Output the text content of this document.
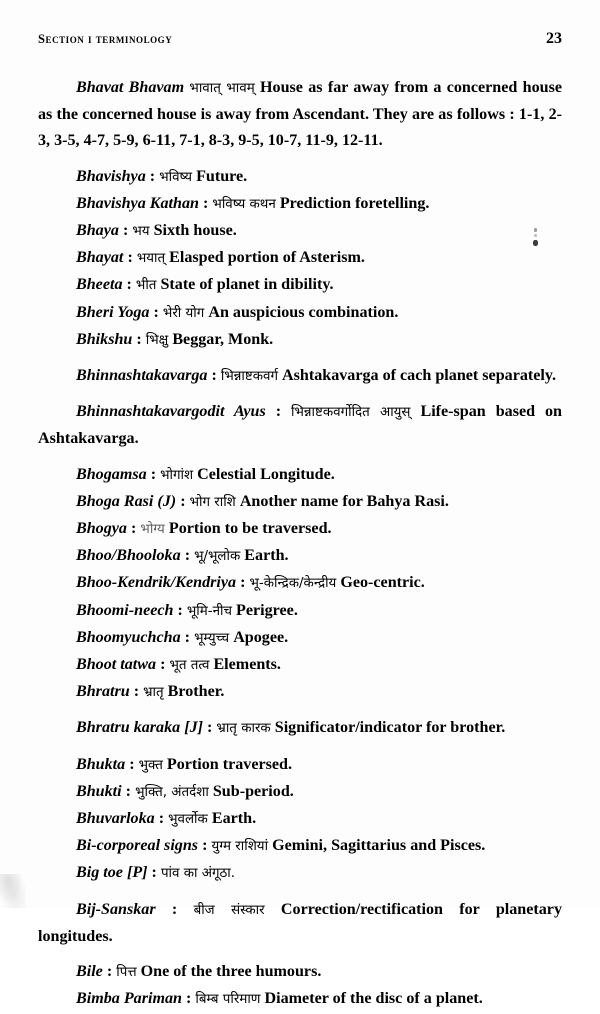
Section i terminology	23

Bhavat Bhavam भावात् भावम् House as far away from a concerned house as the concerned house is away from Ascendant. They are as follows : 1-1, 2-3, 3-5, 4-7, 5-9, 6-11, 7-1, 8-3, 9-5, 10-7, 11-9, 12-11.

Bhavishya : भविष्य Future.

Bhavishya Kathan : भविष्य कथन Prediction foretelling.

Bhaya : भय Sixth house.

Bhayat : भयात् Elasped portion of Asterism.

Bheeta : भीत State of planet in dibility.

Bheri Yoga : भेरी योग An auspicious combination.

Bhikshu : भिक्षु Beggar, Monk.

Bhinnashtakavarga : भिन्नाष्टकवर्ग Ashtakavarga of cach planet separately.

Bhinnashtakavargodit Ayus : भिन्नाष्टकवर्गोदित आयुस् Life-span based on Ashtakavarga.

Bhogamsa : भोगांश Celestial Longitude.

Bhoga Rasi (J) : भोग राशि Another name for Bahya Rasi.

Bhogya : भोग्य Portion to be traversed.

Bhoo/Bhooloka : भू/भूलोक Earth.

Bhoo-Kendrik/Kendriya : भू-केन्द्रिक/केन्द्रीय Geo-centric.

Bhoomi-neech : भूमि-नीच Perigree.

Bhoomyuchcha : भूम्युच्च Apogee.

Bhoot tatwa : भूत तत्व Elements.

Bhratru : भ्रातृ Brother.

Bhratru karaka [J] : भ्रातृ कारक Significator/indicator for brother.

Bhukta : भुक्त Portion traversed.

Bhukti : भुक्ति, अंतर्दशा Sub-period.

Bhuvarloka : भुवर्लोक Earth.

Bi-corporeal signs : युग्म राशियां Gemini, Sagittarius and Pisces.

Big toe [P] : पांव का अंगूठा.

Bij-Sanskar : बीज संस्कार Correction/rectification for planetary longitudes.

Bile : पित्त One of the three humours.

Bimba Pariman : बिम्ब परिमाण Diameter of the disc of a planet.
